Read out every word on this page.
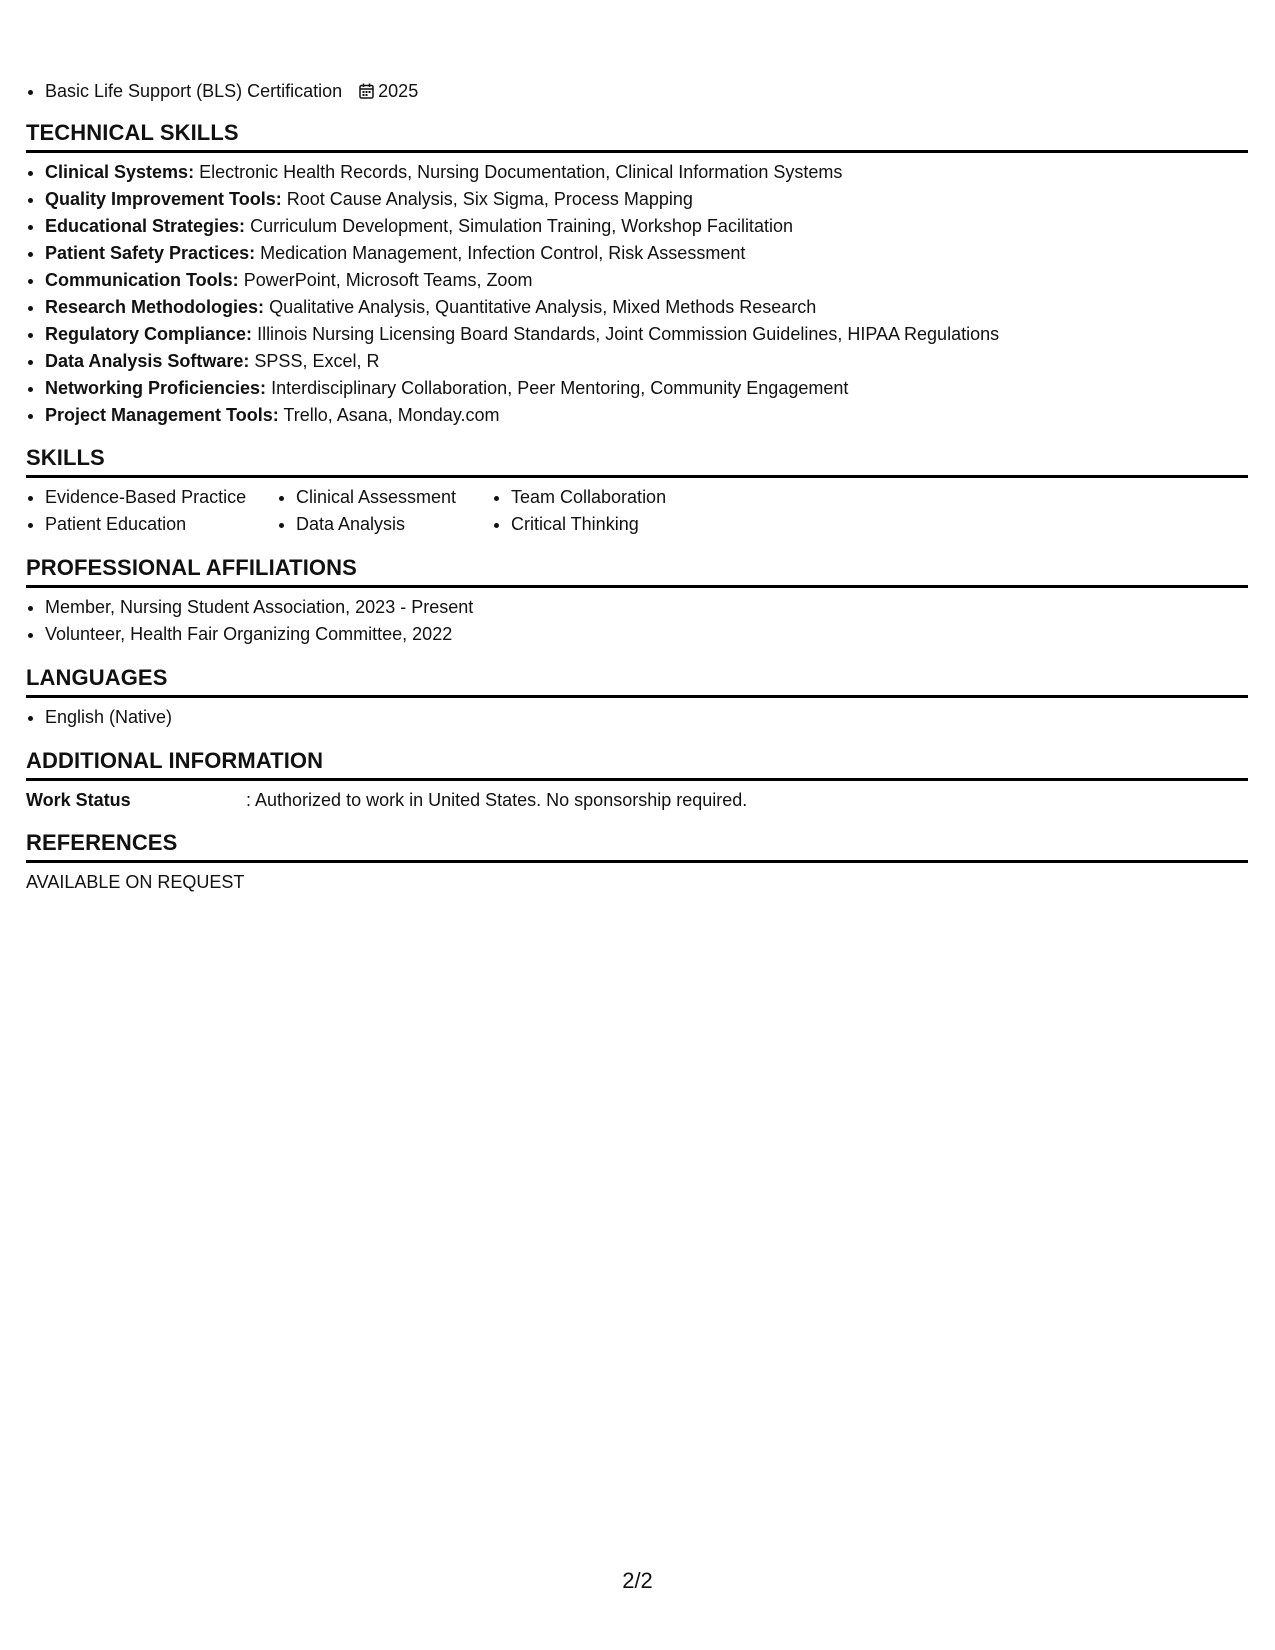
• Basic Life Support (BLS) Certification 2025
TECHNICAL SKILLS
• Clinical Systems: Electronic Health Records, Nursing Documentation, Clinical Information Systems
• Quality Improvement Tools: Root Cause Analysis, Six Sigma, Process Mapping
• Educational Strategies: Curriculum Development, Simulation Training, Workshop Facilitation
• Patient Safety Practices: Medication Management, Infection Control, Risk Assessment
• Communication Tools: PowerPoint, Microsoft Teams, Zoom
• Research Methodologies: Qualitative Analysis, Quantitative Analysis, Mixed Methods Research
• Regulatory Compliance: Illinois Nursing Licensing Board Standards, Joint Commission Guidelines, HIPAA Regulations
• Data Analysis Software: SPSS, Excel, R
• Networking Proficiencies: Interdisciplinary Collaboration, Peer Mentoring, Community Engagement
• Project Management Tools: Trello, Asana, Monday.com
SKILLS
• Evidence-Based Practice
• Patient Education
• Clinical Assessment
• Data Analysis
• Team Collaboration
• Critical Thinking
PROFESSIONAL AFFILIATIONS
• Member, Nursing Student Association, 2023 - Present
• Volunteer, Health Fair Organizing Committee, 2022
LANGUAGES
• English (Native)
ADDITIONAL INFORMATION
Work Status	: Authorized to work in United States. No sponsorship required.
REFERENCES
AVAILABLE ON REQUEST
2/2
